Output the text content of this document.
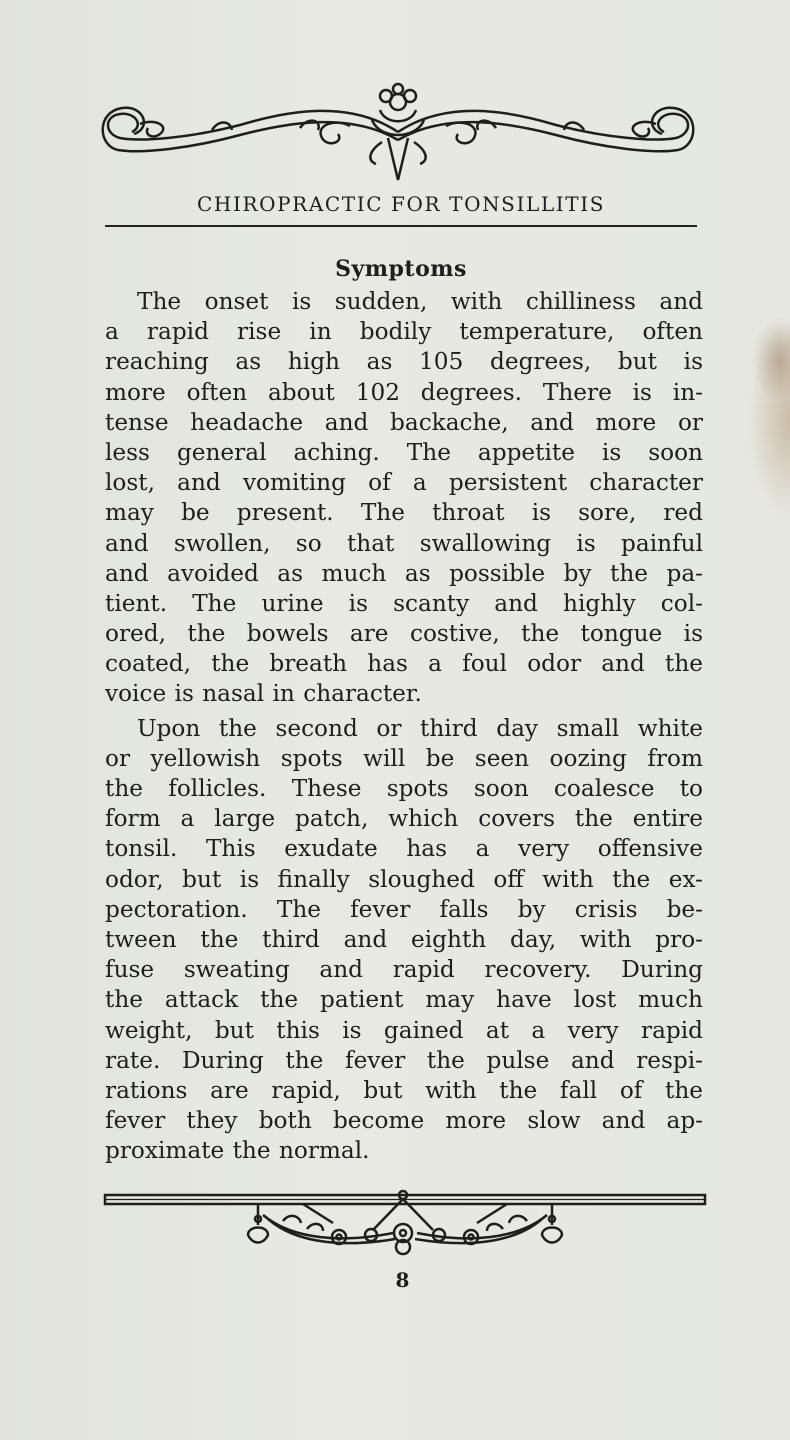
CHIROPRACTIC FOR TONSILLITIS
Symptoms
The onset is sudden, with chilliness and
a rapid rise in bodily temperature, often
reaching as high as 105 degrees, but is
more often about 102 degrees. There is in-
tense headache and backache, and more or
less general aching. The appetite is soon
lost, and vomiting of a persistent character
may be present. The throat is sore, red
and swollen, so that swallowing is painful
and avoided as much as possible by the pa-
tient. The urine is scanty and highly col-
ored, the bowels are costive, the tongue is
coated, the breath has a foul odor and the
voice is nasal in character.
Upon the second or third day small white
or yellowish spots will be seen oozing from
the follicles. These spots soon coalesce to
form a large patch, which covers the entire
tonsil. This exudate has a very offensive
odor, but is finally sloughed off with the ex-
pectoration. The fever falls by crisis be-
tween the third and eighth day, with pro-
fuse sweating and rapid recovery. During
the attack the patient may have lost much
weight, but this is gained at a very rapid
rate. During the fever the pulse and respi-
rations are rapid, but with the fall of the
fever they both become more slow and ap-
proximate the normal.
8
